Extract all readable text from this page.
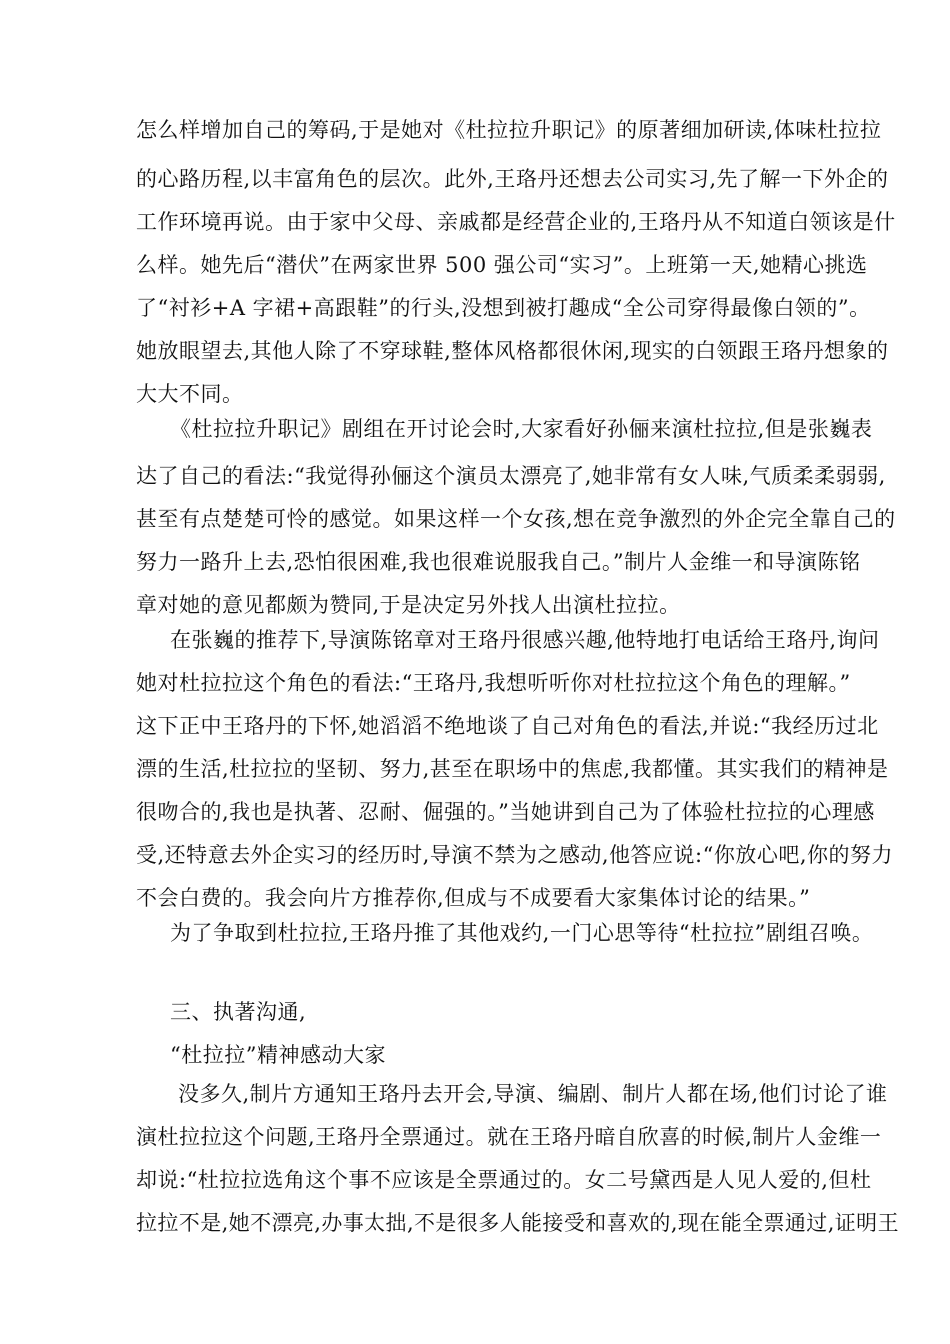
怎么样增加自己的筹码,于是她对《杜拉拉升职记》的原著细加研读,体味杜拉拉
的心路历程,以丰富角色的层次。此外,王珞丹还想去公司实习,先了解一下外企的
工作环境再说。由于家中父母、亲戚都是经营企业的,王珞丹从不知道白领该是什
么样。她先后“潜伏”在两家世界 500 强公司“实习”。上班第一天,她精心挑选
了“衬衫+A 字裙+高跟鞋”的行头,没想到被打趣成“全公司穿得最像白领的”。
她放眼望去,其他人除了不穿球鞋,整体风格都很休闲,现实的白领跟王珞丹想象的
大大不同。
《杜拉拉升职记》剧组在开讨论会时,大家看好孙俪来演杜拉拉,但是张巍表
达了自己的看法:“我觉得孙俪这个演员太漂亮了,她非常有女人味,气质柔柔弱弱,
甚至有点楚楚可怜的感觉。如果这样一个女孩,想在竞争激烈的外企完全靠自己的
努力一路升上去,恐怕很困难,我也很难说服我自己。”制片人金维一和导演陈铭
章对她的意见都颇为赞同,于是决定另外找人出演杜拉拉。
在张巍的推荐下,导演陈铭章对王珞丹很感兴趣,他特地打电话给王珞丹,询问
她对杜拉拉这个角色的看法:“王珞丹,我想听听你对杜拉拉这个角色的理解。”
这下正中王珞丹的下怀,她滔滔不绝地谈了自己对角色的看法,并说:“我经历过北
漂的生活,杜拉拉的坚韧、努力,甚至在职场中的焦虑,我都懂。其实我们的精神是
很吻合的,我也是执著、忍耐、倔强的。”当她讲到自己为了体验杜拉拉的心理感
受,还特意去外企实习的经历时,导演不禁为之感动,他答应说:“你放心吧,你的努力
不会白费的。我会向片方推荐你,但成与不成要看大家集体讨论的结果。”
为了争取到杜拉拉,王珞丹推了其他戏约,一门心思等待“杜拉拉”剧组召唤。
三、执著沟通,
“杜拉拉”精神感动大家
没多久,制片方通知王珞丹去开会,导演、编剧、制片人都在场,他们讨论了谁
演杜拉拉这个问题,王珞丹全票通过。就在王珞丹暗自欣喜的时候,制片人金维一
却说:“杜拉拉选角这个事不应该是全票通过的。女二号黛西是人见人爱的,但杜
拉拉不是,她不漂亮,办事太拙,不是很多人能接受和喜欢的,现在能全票通过,证明王
